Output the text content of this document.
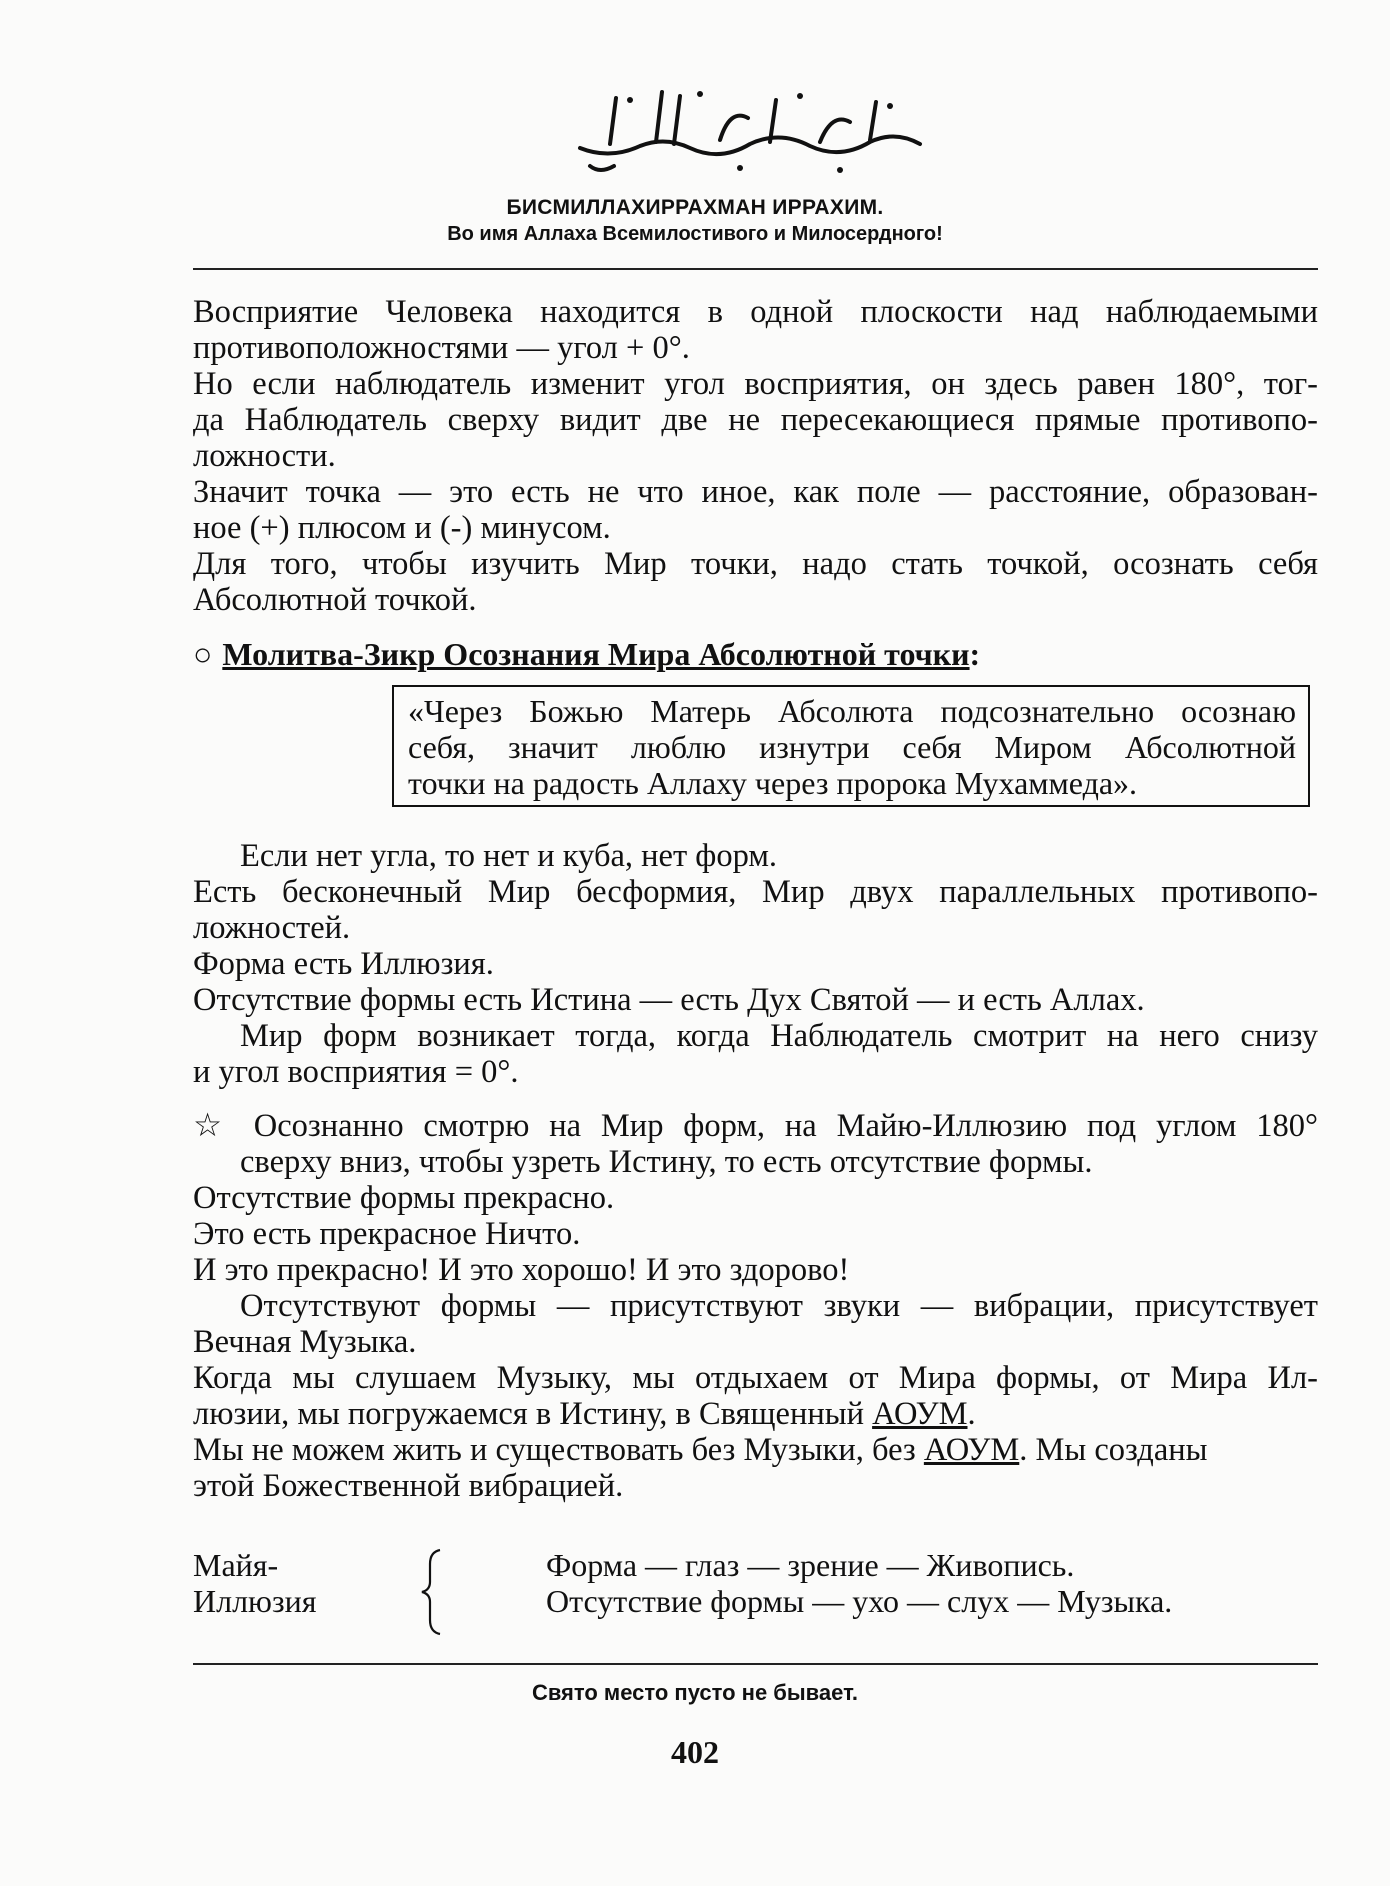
БИСМИЛЛАХИРРАХМАН ИРРАХИМ.
Во имя Аллаха Всемилостивого и Милосердного!
Восприятие Человека находится в одной плоскости над наблюдаемыми
противоположностями — угол + 0°.
Но если наблюдатель изменит угол восприятия, он здесь равен 180°, тог-
да Наблюдатель сверху видит две не пересекающиеся прямые противопо-
ложности.
Значит точка — это есть не что иное, как поле — расстояние, образован-
ное (+) плюсом и (-) минусом.
Для того, чтобы изучить Мир точки, надо стать точкой, осознать себя
Абсолютной точкой.
○ Молитва-Зикр Осознания Мира Абсолютной точки:
«Через Божью Матерь Абсолюта подсознательно осознаю
себя, значит люблю изнутри себя Миром Абсолютной
точки на радость Аллаху через пророка Мухаммеда».
Если нет угла, то нет и куба, нет форм.
Есть бесконечный Мир бесформия, Мир двух параллельных противопо-
ложностей.
Форма есть Иллюзия.
Отсутствие формы есть Истина — есть Дух Святой — и есть Аллах.
Мир форм возникает тогда, когда Наблюдатель смотрит на него снизу
и угол восприятия = 0°.
☆ Осознанно смотрю на Мир форм, на Майю-Иллюзию под углом 180°
сверху вниз, чтобы узреть Истину, то есть отсутствие формы.
Отсутствие формы прекрасно.
Это есть прекрасное Ничто.
И это прекрасно! И это хорошо! И это здорово!
Отсутствуют формы — присутствуют звуки — вибрации, присутствует
Вечная Музыка.
Когда мы слушаем Музыку, мы отдыхаем от Мира формы, от Мира Ил-
люзии, мы погружаемся в Истину, в Священный АОУМ.
Мы не можем жить и существовать без Музыки, без АОУМ. Мы созданы
этой Божественной вибрацией.
Майя-
Иллюзия
Форма — глаз — зрение — Живопись.
Отсутствие формы — ухо — слух — Музыка.
Свято место пусто не бывает.
402
